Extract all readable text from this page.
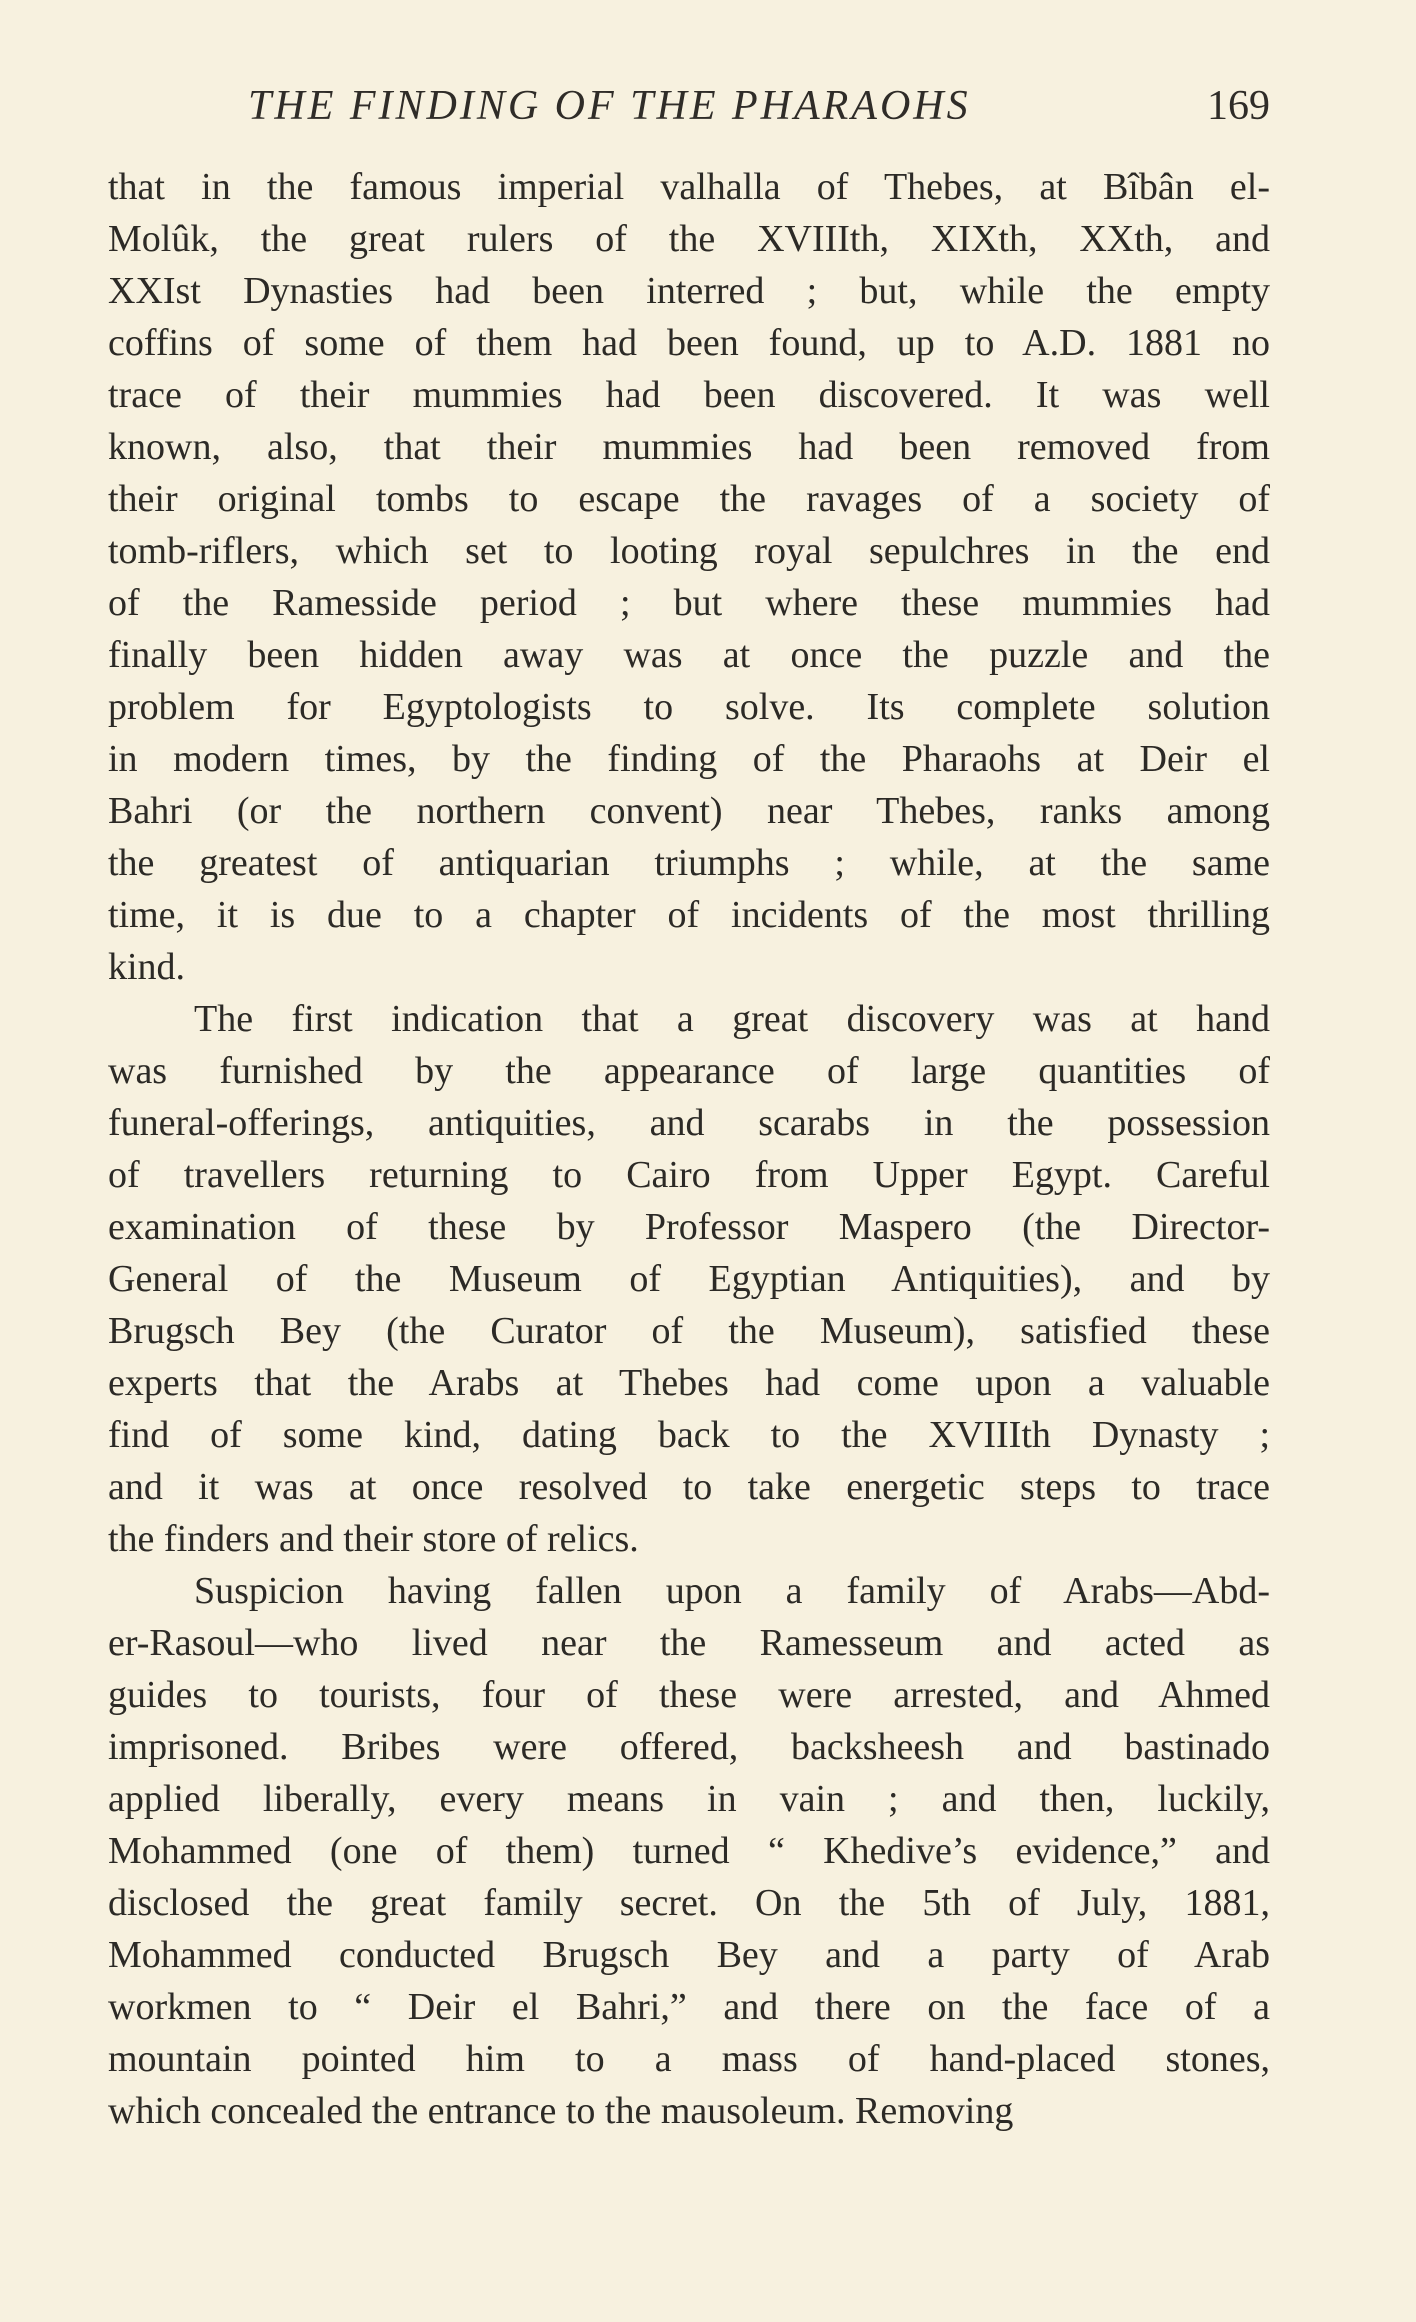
THE FINDING OF THE PHARAOHS	169
that in the famous imperial valhalla of Thebes, at Bîbân el-
Molûk, the great rulers of the XVIIIth, XIXth, XXth, and
XXIst Dynasties had been interred ; but, while the empty
coffins of some of them had been found, up to A.D. 1881 no
trace of their mummies had been discovered. It was well
known, also, that their mummies had been removed from
their original tombs to escape the ravages of a society of
tomb-riflers, which set to looting royal sepulchres in the end
of the Ramesside period ; but where these mummies had
finally been hidden away was at once the puzzle and the
problem for Egyptologists to solve. Its complete solution
in modern times, by the finding of the Pharaohs at Deir el
Bahri (or the northern convent) near Thebes, ranks among
the greatest of antiquarian triumphs ; while, at the same
time, it is due to a chapter of incidents of the most thrilling
kind.
The first indication that a great discovery was at hand
was furnished by the appearance of large quantities of
funeral-offerings, antiquities, and scarabs in the possession
of travellers returning to Cairo from Upper Egypt. Careful
examination of these by Professor Maspero (the Director-
General of the Museum of Egyptian Antiquities), and by
Brugsch Bey (the Curator of the Museum), satisfied these
experts that the Arabs at Thebes had come upon a valuable
find of some kind, dating back to the XVIIIth Dynasty ;
and it was at once resolved to take energetic steps to trace
the finders and their store of relics.
Suspicion having fallen upon a family of Arabs—Abd-
er-Rasoul—who lived near the Ramesseum and acted as
guides to tourists, four of these were arrested, and Ahmed
imprisoned. Bribes were offered, backsheesh and bastinado
applied liberally, every means in vain ; and then, luckily,
Mohammed (one of them) turned “ Khedive’s evidence,” and
disclosed the great family secret. On the 5th of July, 1881,
Mohammed conducted Brugsch Bey and a party of Arab
workmen to “ Deir el Bahri,” and there on the face of a
mountain pointed him to a mass of hand-placed stones,
which concealed the entrance to the mausoleum. Removing
